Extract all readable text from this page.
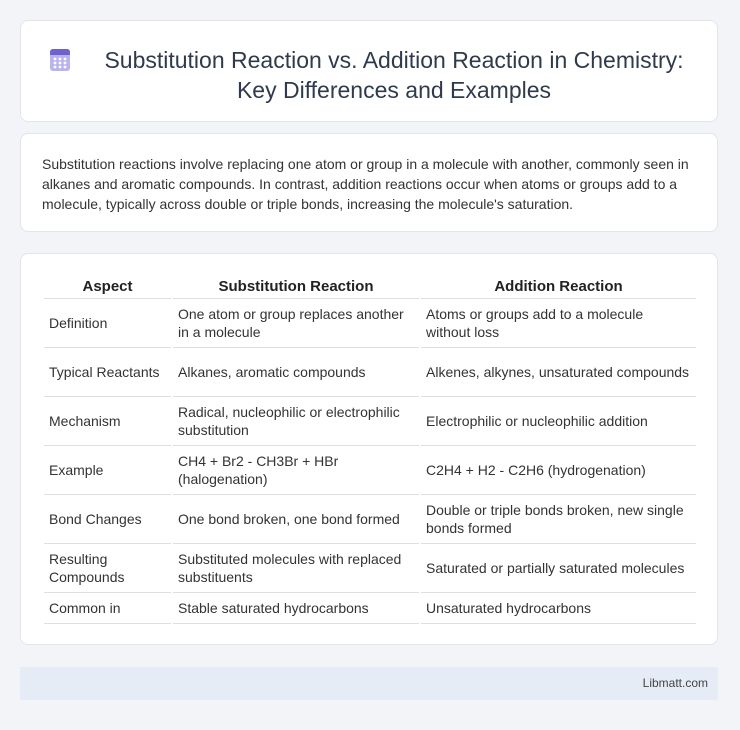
Substitution Reaction vs. Addition Reaction in Chemistry: Key Differences and Examples
Substitution reactions involve replacing one atom or group in a molecule with another, commonly seen in alkanes and aromatic compounds. In contrast, addition reactions occur when atoms or groups add to a molecule, typically across double or triple bonds, increasing the molecule's saturation.
Aspect	Substitution Reaction	Addition Reaction
Definition	One atom or group replaces another in a molecule	Atoms or groups add to a molecule without loss
Typical Reactants	Alkanes, aromatic compounds	Alkenes, alkynes, unsaturated compounds
Mechanism	Radical, nucleophilic or electrophilic substitution	Electrophilic or nucleophilic addition
Example	CH4 + Br2 - CH3Br + HBr (halogenation)	C2H4 + H2 - C2H6 (hydrogenation)
Bond Changes	One bond broken, one bond formed	Double or triple bonds broken, new single bonds formed
Resulting Compounds	Substituted molecules with replaced substituents	Saturated or partially saturated molecules
Common in	Stable saturated hydrocarbons	Unsaturated hydrocarbons
Libmatt.com
